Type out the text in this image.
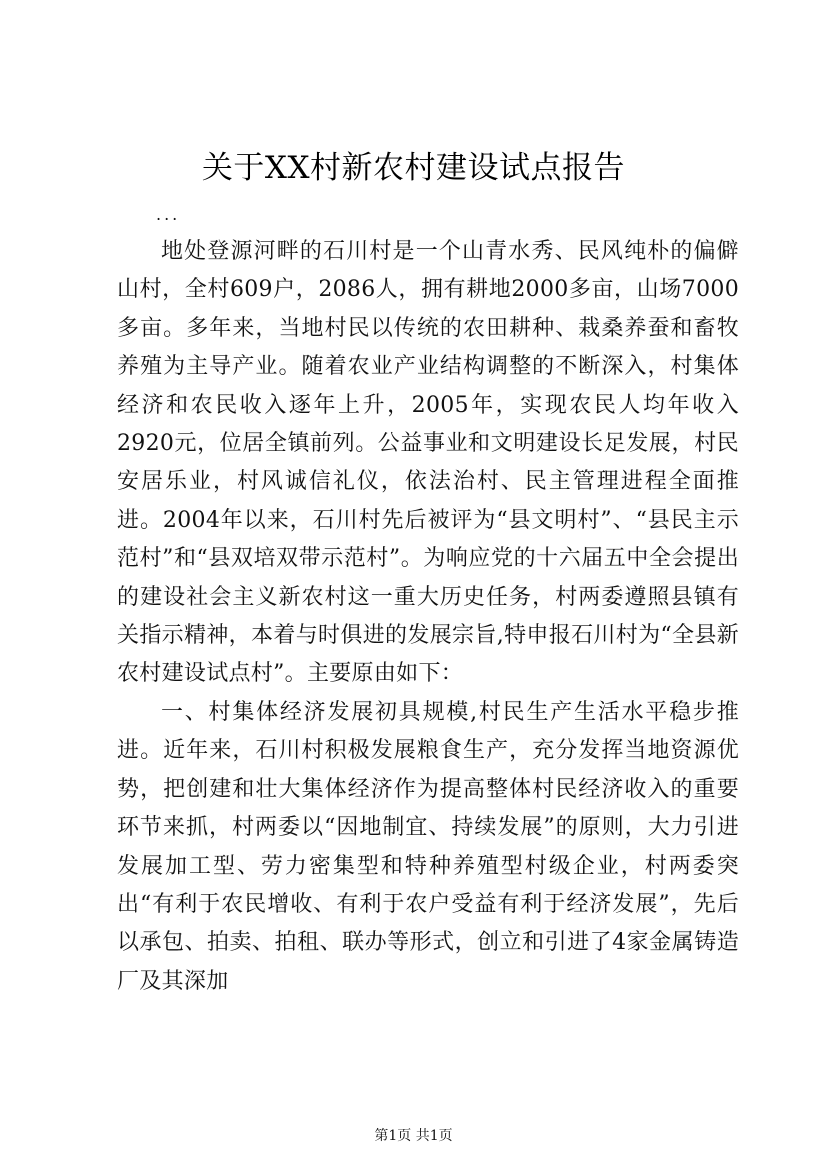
关于XX村新农村建设试点报告
...

地处登源河畔的石川村是一个山青水秀、民风纯朴的偏僻山村，全村609户，2086人，拥有耕地2000多亩，山场7000多亩。多年来，当地村民以传统的农田耕种、栽桑养蚕和畜牧养殖为主导产业。随着农业产业结构调整的不断深入，村集体经济和农民收入逐年上升，2005年，实现农民人均年收入2920元，位居全镇前列。公益事业和文明建设长足发展，村民安居乐业，村风诚信礼仪，依法治村、民主管理进程全面推进。2004年以来，石川村先后被评为“县文明村”、“县民主示范村”和“县双培双带示范村”。为响应党的十六届五中全会提出的建设社会主义新农村这一重大历史任务，村两委遵照县镇有关指示精神，本着与时俱进的发展宗旨,特申报石川村为“全县新农村建设试点村”。主要原由如下：

一、村集体经济发展初具规模,村民生产生活水平稳步推进。近年来，石川村积极发展粮食生产，充分发挥当地资源优势，把创建和壮大集体经济作为提高整体村民经济收入的重要环节来抓，村两委以“因地制宜、持续发展”的原则，大力引进发展加工型、劳力密集型和特种养殖型村级企业，村两委突出“有利于农民增收、有利于农户受益有利于经济发展”，先后以承包、拍卖、拍租、联办等形式，创立和引进了4家金属铸造厂及其深加

第1页 共1页
